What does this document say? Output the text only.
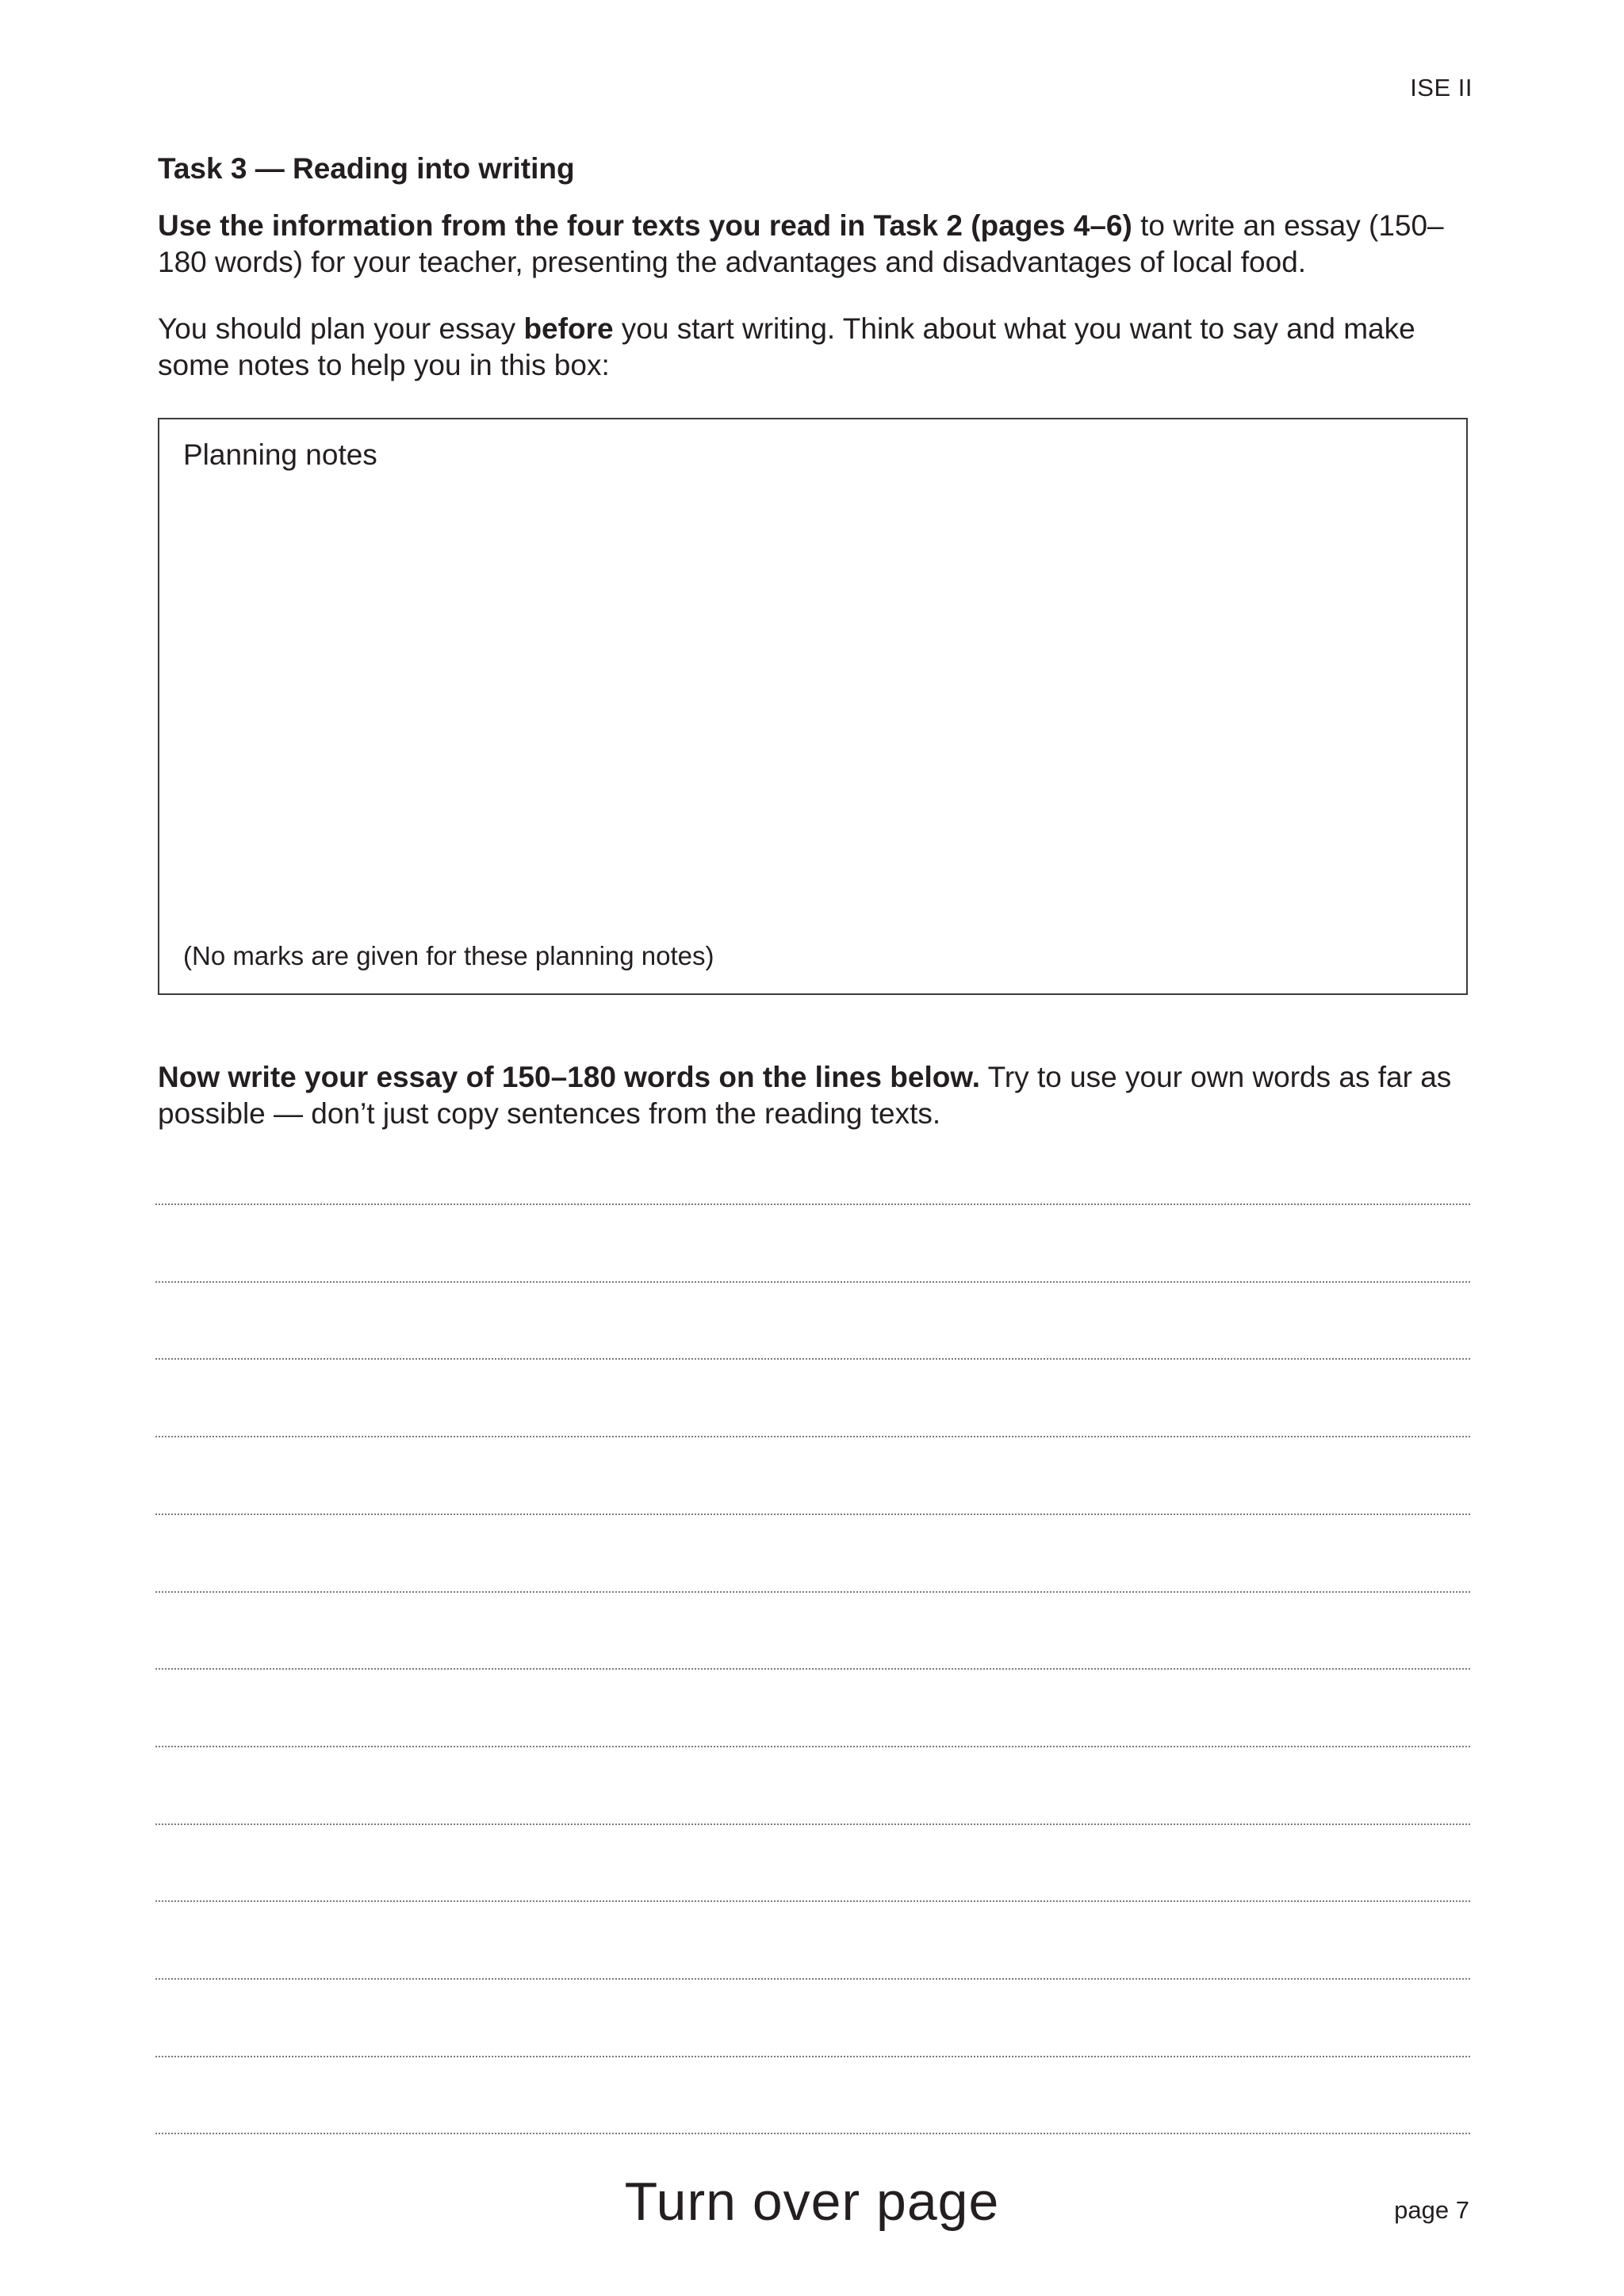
ISE II
Task 3 — Reading into writing

Use the information from the four texts you read in Task 2 (pages 4–6) to write an essay (150–180 words) for your teacher, presenting the advantages and disadvantages of local food.

You should plan your essay before you start writing. Think about what you want to say and make some notes to help you in this box:

Planning notes
(No marks are given for these planning notes)
Now write your essay of 150–180 words on the lines below. Try to use your own words as far as possible — don’t just copy sentences from the reading texts.
Turn over page	page 7
